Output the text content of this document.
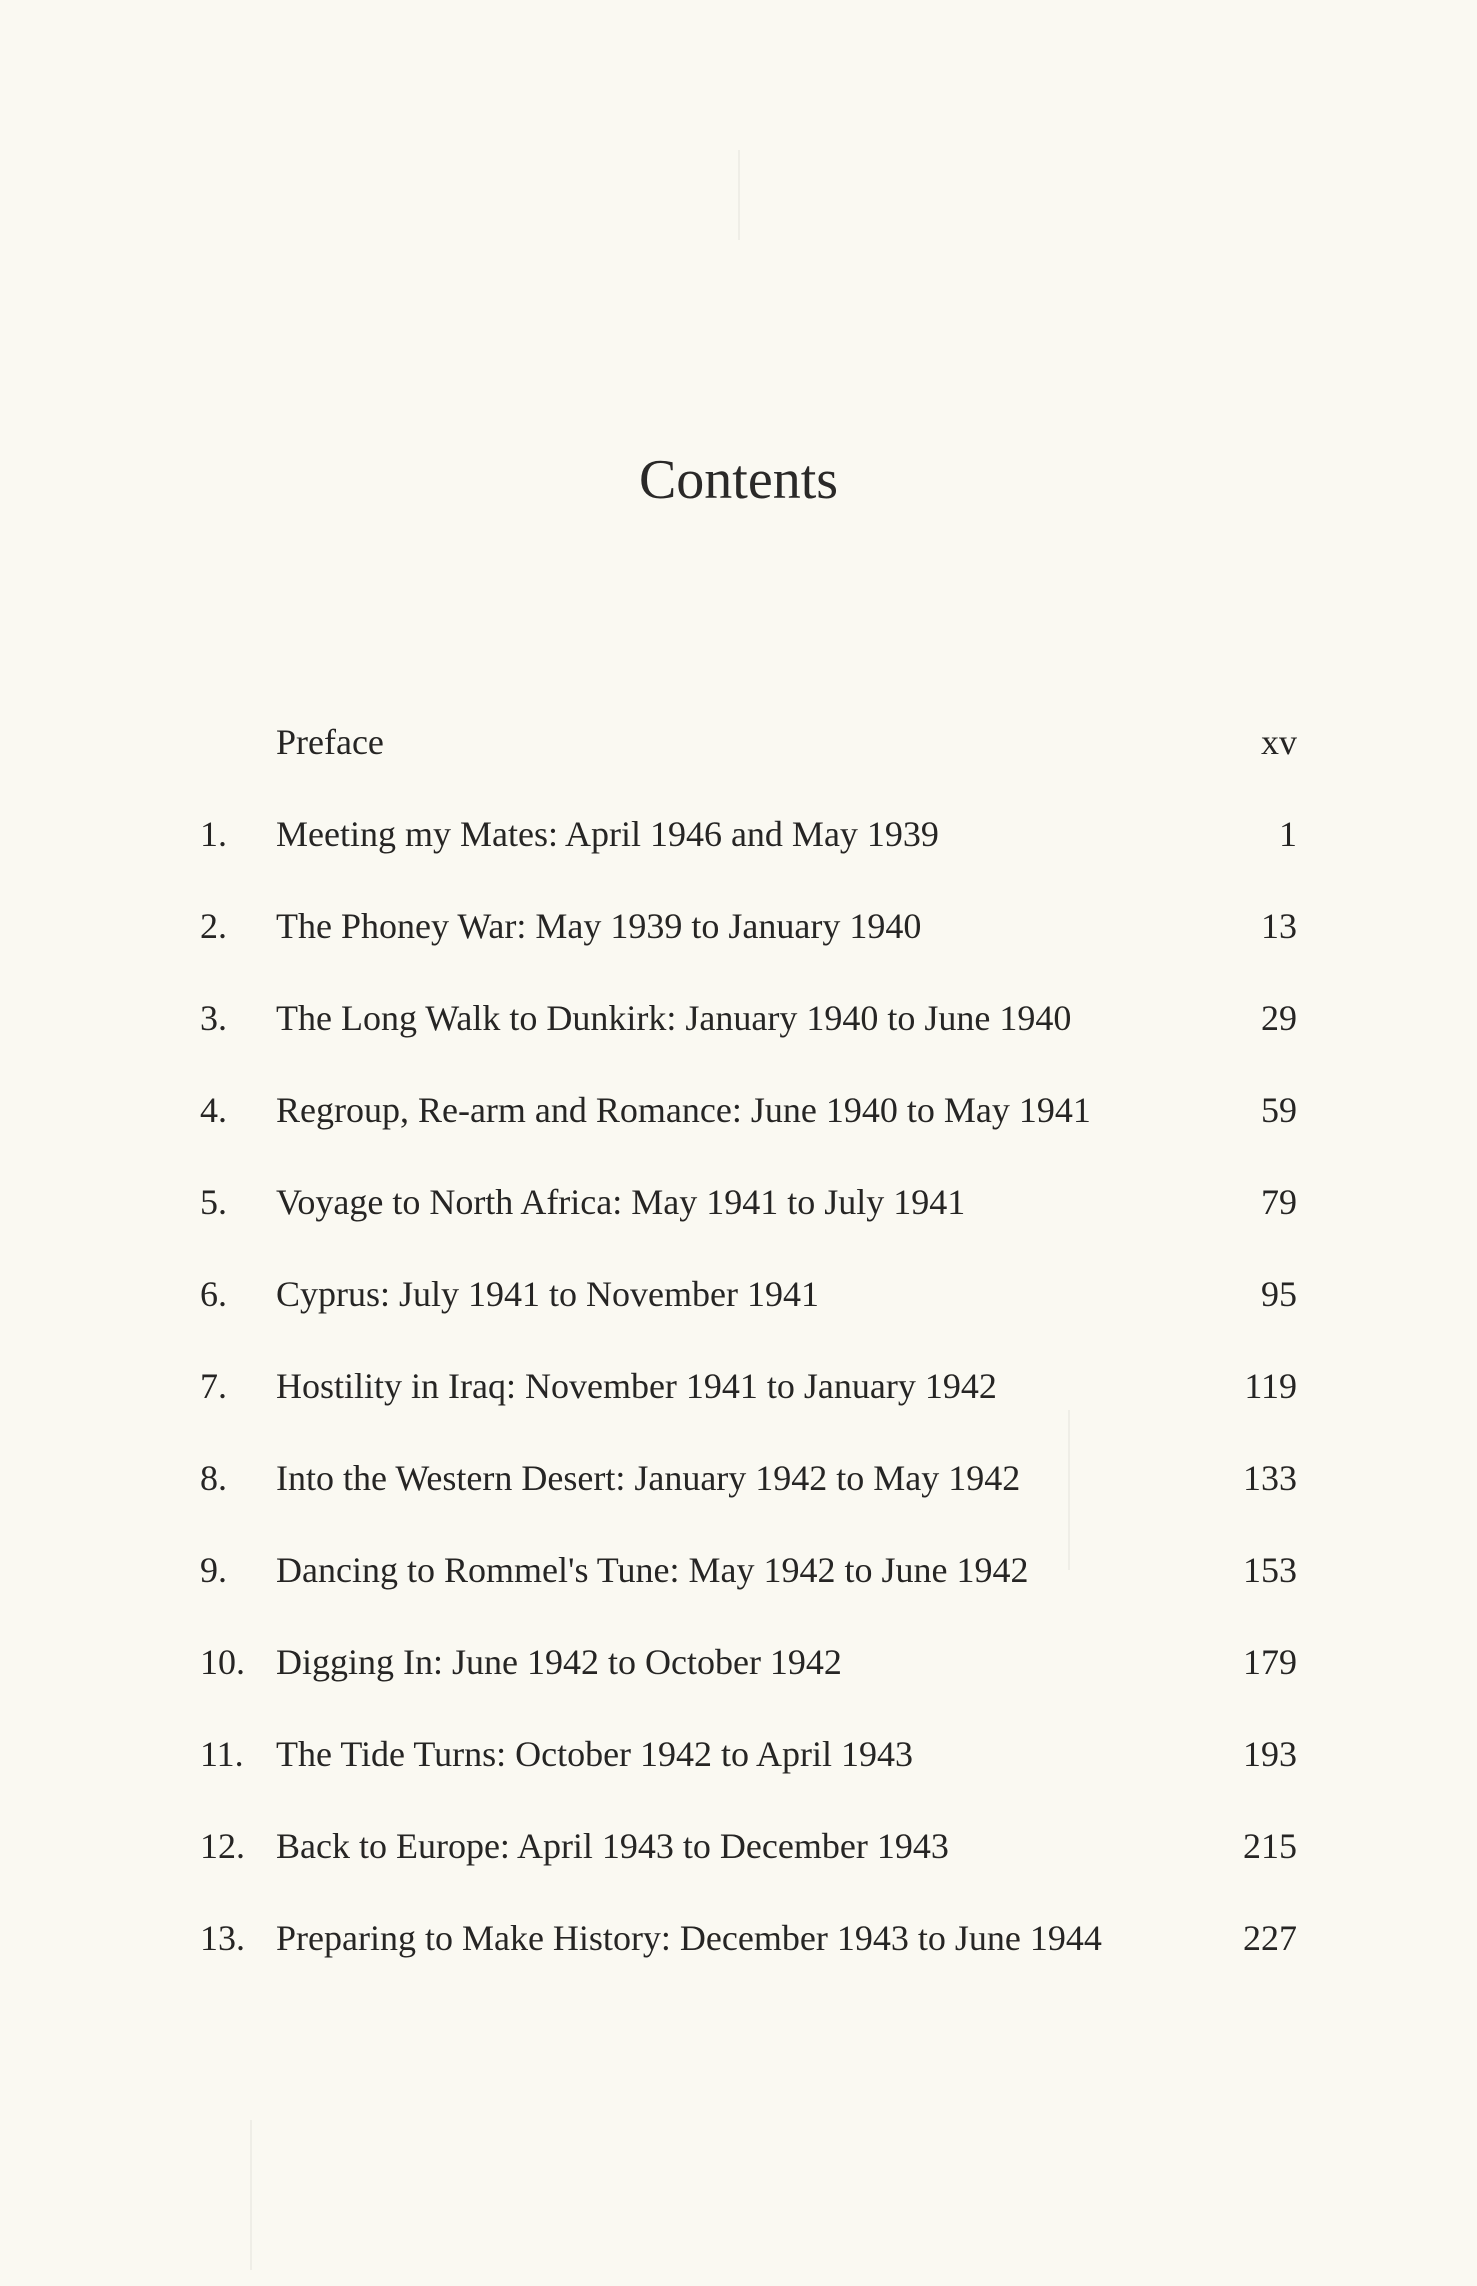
Contents
Preface	xv
1.	Meeting my Mates: April 1946 and May 1939	1
2.	The Phoney War: May 1939 to January 1940	13
3.	The Long Walk to Dunkirk: January 1940 to June 1940	29
4.	Regroup, Re-arm and Romance: June 1940 to May 1941	59
5.	Voyage to North Africa: May 1941 to July 1941	79
6.	Cyprus: July 1941 to November 1941	95
7.	Hostility in Iraq: November 1941 to January 1942	119
8.	Into the Western Desert: January 1942 to May 1942	133
9.	Dancing to Rommel's Tune: May 1942 to June 1942	153
10. Digging In: June 1942 to October 1942	179
11. The Tide Turns: October 1942 to April 1943	193
12. Back to Europe: April 1943 to December 1943	215
13. Preparing to Make History: December 1943 to June 1944	227
